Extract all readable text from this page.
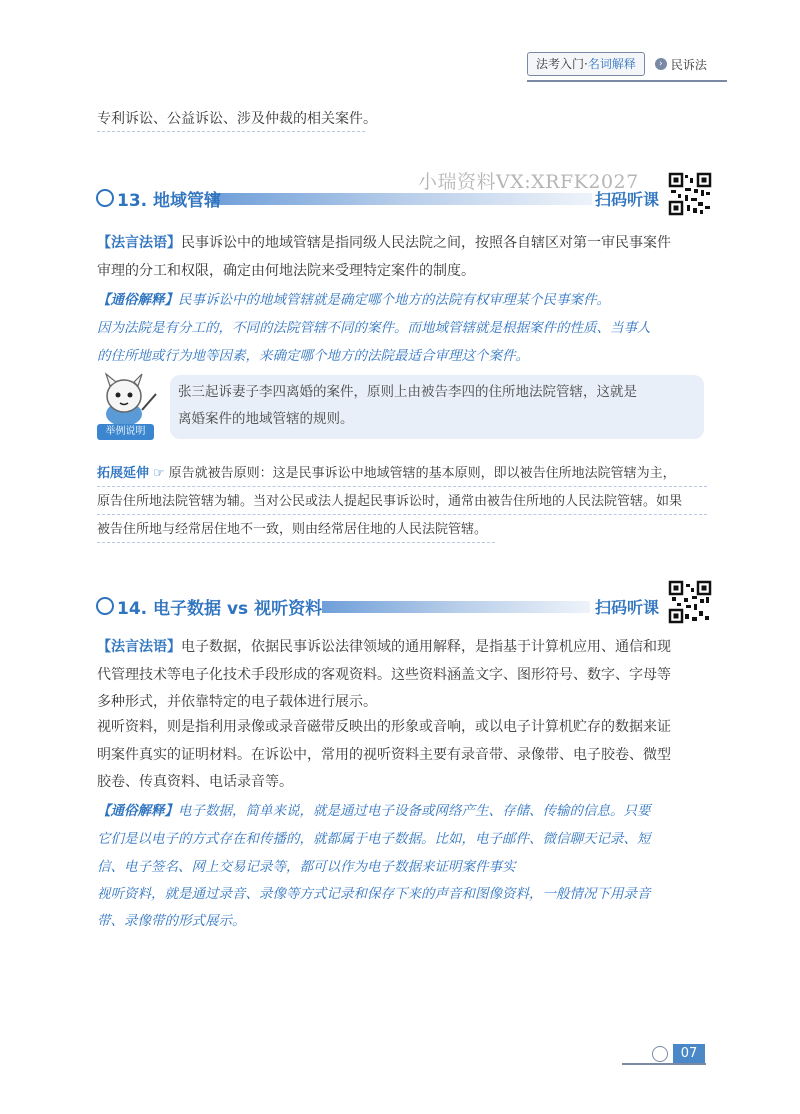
法考入门·名词解释	› 民诉法
专利诉讼、公益诉讼、涉及仲裁的相关案件。
小瑞资料VX:XRFK2027
13. 地域管辖	扫码听课
【法言法语】民事诉讼中的地域管辖是指同级人民法院之间，按照各自辖区对第一审民事案件
审理的分工和权限，确定由何地法院来受理特定案件的制度。
【通俗解释】民事诉讼中的地域管辖就是确定哪个地方的法院有权审理某个民事案件。
因为法院是有分工的，不同的法院管辖不同的案件。而地域管辖就是根据案件的性质、当事人
的住所地或行为地等因素，来确定哪个地方的法院最适合审理这个案件。
举例说明
张三起诉妻子李四离婚的案件，原则上由被告李四的住所地法院管辖，这就是
离婚案件的地域管辖的规则。
拓展延伸 ☞ 原告就被告原则：这是民事诉讼中地域管辖的基本原则，即以被告住所地法院管辖为主，
原告住所地法院管辖为辅。当对公民或法人提起民事诉讼时，通常由被告住所地的人民法院管辖。如果
被告住所地与经常居住地不一致，则由经常居住地的人民法院管辖。
14. 电子数据 vs 视听资料	扫码听课
【法言法语】电子数据，依据民事诉讼法律领域的通用解释，是指基于计算机应用、通信和现
代管理技术等电子化技术手段形成的客观资料。这些资料涵盖文字、图形符号、数字、字母等
多种形式，并依靠特定的电子载体进行展示。
视听资料，则是指利用录像或录音磁带反映出的形象或音响，或以电子计算机贮存的数据来证
明案件真实的证明材料。在诉讼中，常用的视听资料主要有录音带、录像带、电子胶卷、微型
胶卷、传真资料、电话录音等。
【通俗解释】电子数据，简单来说，就是通过电子设备或网络产生、存储、传输的信息。只要
它们是以电子的方式存在和传播的，就都属于电子数据。比如，电子邮件、微信聊天记录、短
信、电子签名、网上交易记录等，都可以作为电子数据来证明案件事实
视听资料，就是通过录音、录像等方式记录和保存下来的声音和图像资料，一般情况下用录音
带、录像带的形式展示。
07
